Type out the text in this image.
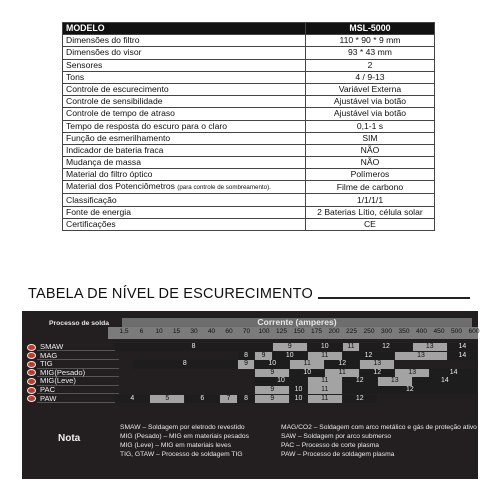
MODELO	MSL-5000
Dimensões do filtro	110 * 90 * 9 mm
Dimensões do visor	93 * 43 mm
Sensores	2
Tons	4 / 9-13
Controle de escurecimento	Variável Externa
Controle de sensibilidade	Ajustável via botão
Controle de tempo de atraso	Ajustável via botão
Tempo de resposta do escuro para o claro	0,1-1 s
Função de esmerilhamento	SIM
Indicador de bateria fraca	NÃO
Mudança de massa	NÃO
Material do filtro óptico	Polímeros
Material dos Potenciômetros (para controle de sombreamento).	Filme de carbono
Classificação	1/1/1/1
Fonte de energia	2 Baterias Lítio, célula solar
Certificações	CE
TABELA DE NÍVEL DE ESCURECIMENTO
Processo de solda	Corrente (amperes)
1,5 6 10 15 30 40 60 70 100 125 150 175 200 225 250 300 350 400 450 500 600
SMAW	8	9	10	11	12	13	14
MAG	8	9	10	11	12	13	14
TIG	8	9	10	11	12	13
MIG(Pesado)	9	10	11	12	13	14
MIG(Leve)	10	11	12	13	14
PAC	9	10	11	12
PAW	4	5	6	7	8	9	10	11	12
Nota
SMAW – Soldagem por eletrodo revestido
MIG (Pesado) – MIG em materiais pesados
MIG (Leve) – MIG em materiais leves
TIG, GTAW – Processo de soldagem TIG
MAG/CO2 – Soldagem com arco metálico e gás de proteção ativo
SAW – Soldagem por arco submerso
PAC – Processo de corte plasma
PAW – Processo de soldagem plasma
